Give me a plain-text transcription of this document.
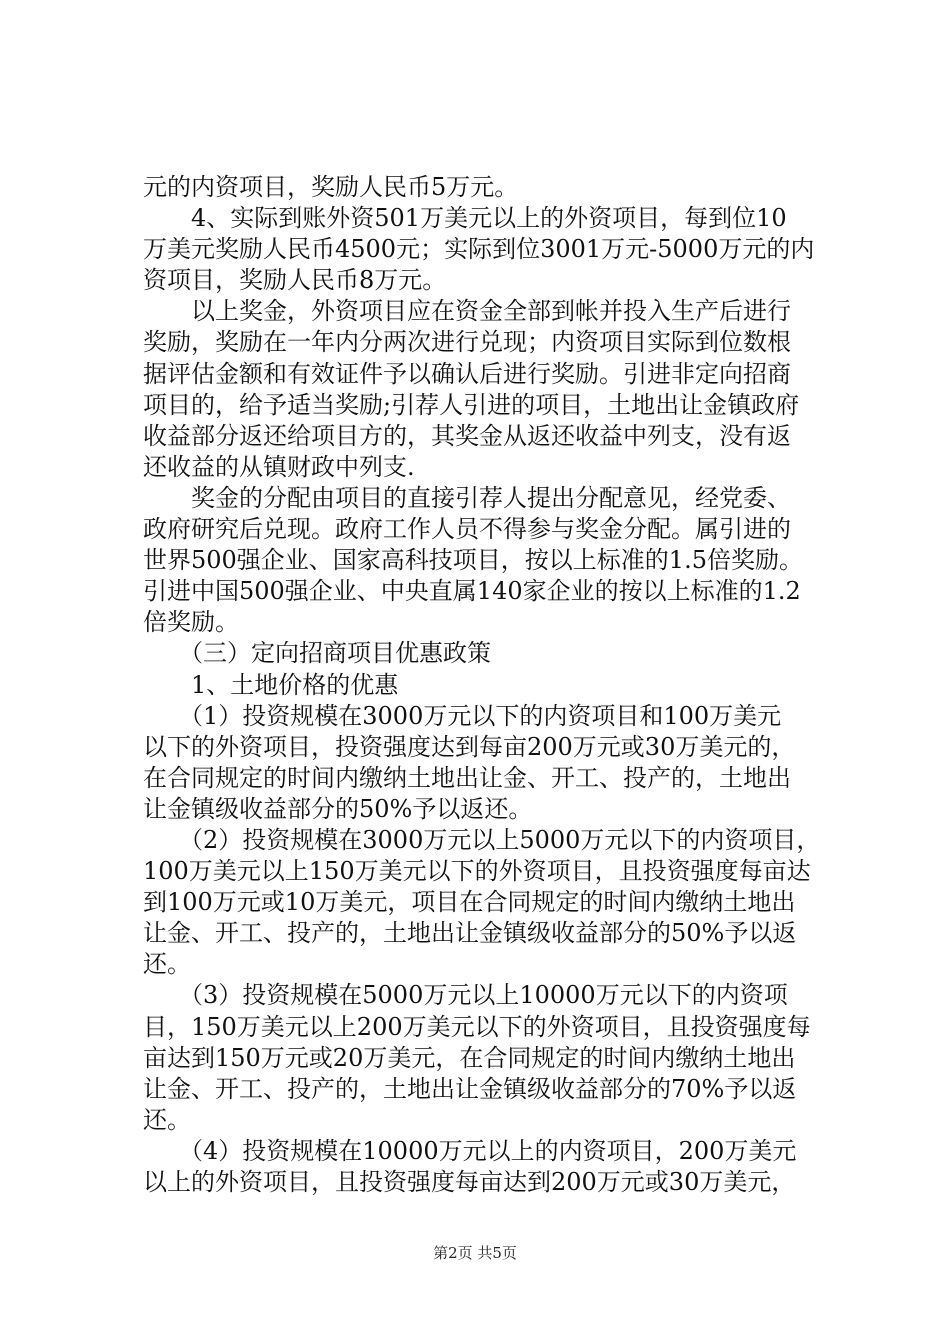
元的内资项目，奖励人民币5万元。
　　4、实际到账外资501万美元以上的外资项目，每到位10
万美元奖励人民币4500元；实际到位3001万元-5000万元的内
资项目，奖励人民币8万元。
　　以上奖金，外资项目应在资金全部到帐并投入生产后进行
奖励，奖励在一年内分两次进行兑现；内资项目实际到位数根
据评估金额和有效证件予以确认后进行奖励。引进非定向招商
项目的，给予适当奖励;引荐人引进的项目，土地出让金镇政府
收益部分返还给项目方的，其奖金从返还收益中列支，没有返
还收益的从镇财政中列支.
　　奖金的分配由项目的直接引荐人提出分配意见，经党委、
政府研究后兑现。政府工作人员不得参与奖金分配。属引进的
世界500强企业、国家高科技项目，按以上标准的1.5倍奖励。
引进中国500强企业、中央直属140家企业的按以上标准的1.2
倍奖励。
　　（三）定向招商项目优惠政策
　　1、土地价格的优惠
　　（1）投资规模在3000万元以下的内资项目和100万美元
以下的外资项目，投资强度达到每亩200万元或30万美元的，
在合同规定的时间内缴纳土地出让金、开工、投产的，土地出
让金镇级收益部分的50%予以返还。
　　（2）投资规模在3000万元以上5000万元以下的内资项目，
100万美元以上150万美元以下的外资项目，且投资强度每亩达
到100万元或10万美元，项目在合同规定的时间内缴纳土地出
让金、开工、投产的，土地出让金镇级收益部分的50%予以返
还。
　　（3）投资规模在5000万元以上10000万元以下的内资项
目，150万美元以上200万美元以下的外资项目，且投资强度每
亩达到150万元或20万美元，在合同规定的时间内缴纳土地出
让金、开工、投产的，土地出让金镇级收益部分的70%予以返
还。
　　（4）投资规模在10000万元以上的内资项目，200万美元
以上的外资项目，且投资强度每亩达到200万元或30万美元，
第2页 共5页
